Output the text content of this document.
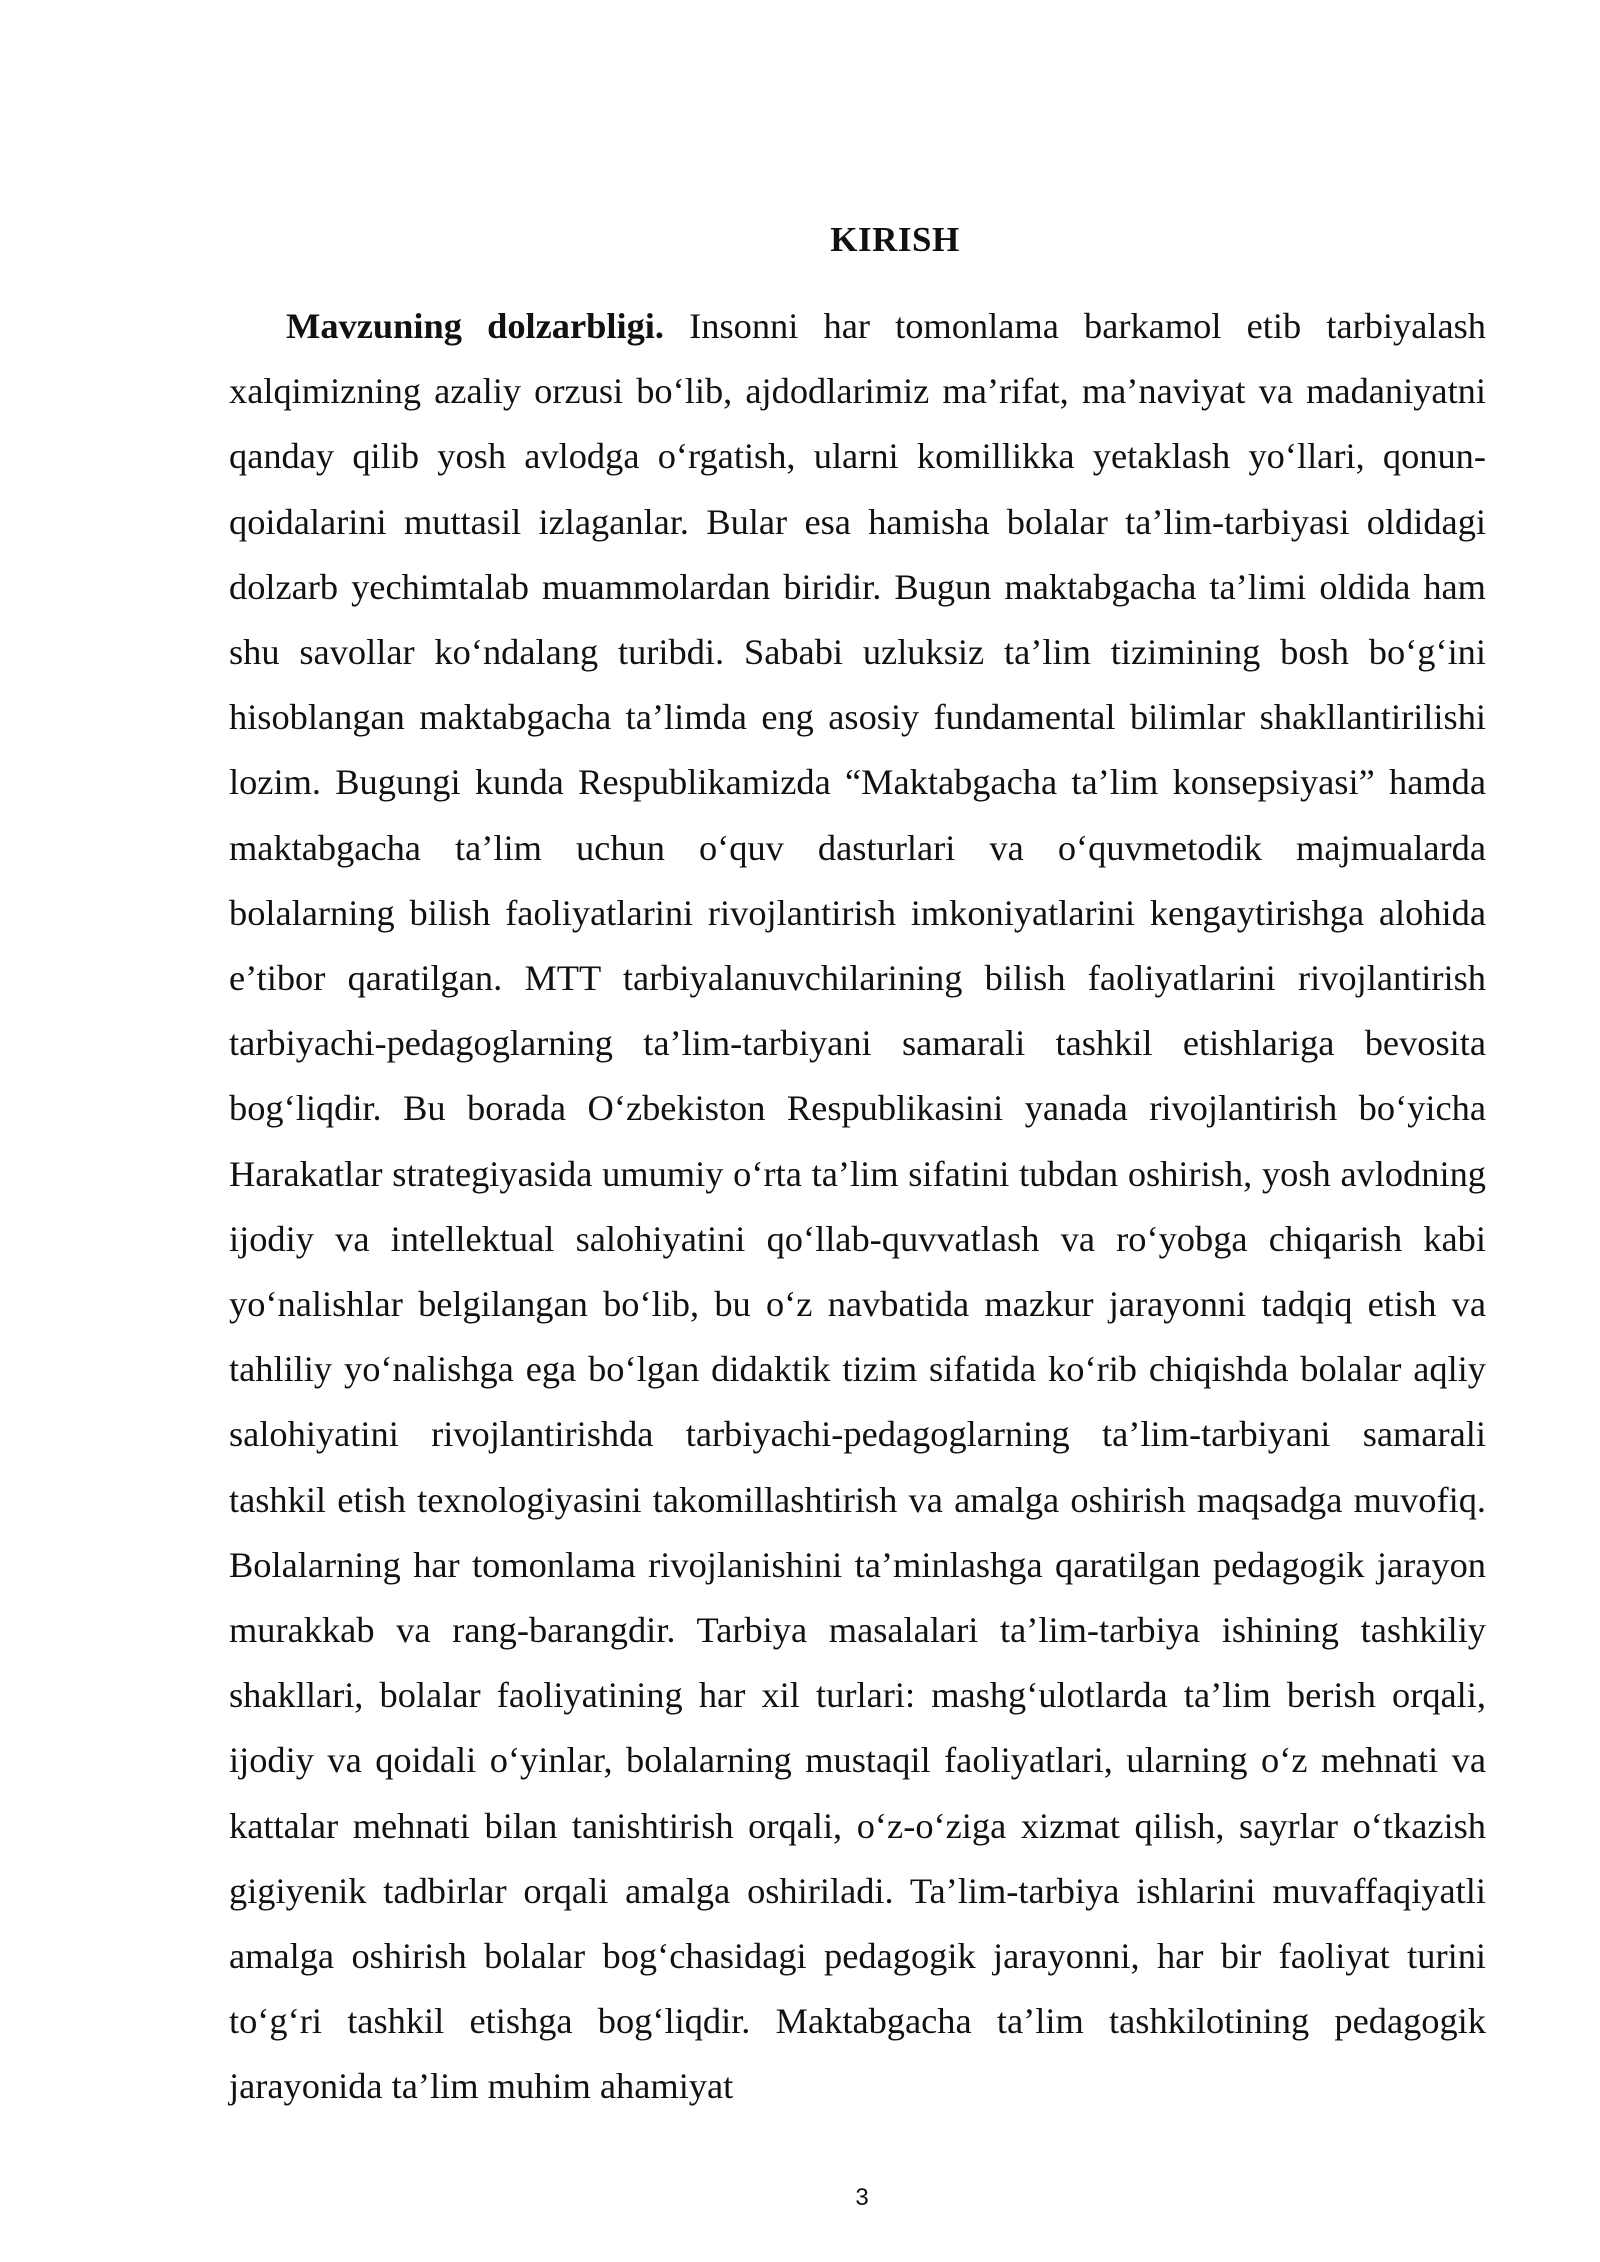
KIRISH

Mavzuning dolzarbligi. Insonni har tomonlama barkamol etib tarbiyalash xalqimizning azaliy orzusi bo‘lib, ajdodlarimiz ma’rifat, ma’naviyat va madaniyatni qanday qilib yosh avlodga o‘rgatish, ularni komillikka yetaklash yo‘llari, qonun-qoidalarini muttasil izlaganlar. Bular esa hamisha bolalar ta’lim-tarbiyasi oldidagi dolzarb yechimtalab muammolardan biridir. Bugun maktabgacha ta’limi oldida ham shu savollar ko‘ndalang turibdi. Sababi uzluksiz ta’lim tizimining bosh bo‘g‘ini hisoblangan maktabgacha ta’limda eng asosiy fundamental bilimlar shakllantirilishi lozim. Bugungi kunda Respublikamizda “Maktabgacha ta’lim konsepsiyasi” hamda maktabgacha ta’lim uchun o‘quv dasturlari va o‘quvmetodik majmualarda bolalarning bilish faoliyatlarini rivojlantirish imkoniyatlarini kengaytirishga alohida e’tibor qaratilgan. MTT tarbiyalanuvchilarining bilish faoliyatlarini rivojlantirish tarbiyachi-pedagoglarning ta’lim-tarbiyani samarali tashkil etishlariga bevosita bog‘liqdir. Bu borada O‘zbekiston Respublikasini yanada rivojlantirish bo‘yicha Harakatlar strategiyasida umumiy o‘rta ta’lim sifatini tubdan oshirish, yosh avlodning ijodiy va intellektual salohiyatini qo‘llab-quvvatlash va ro‘yobga chiqarish kabi yo‘nalishlar belgilangan bo‘lib, bu o‘z navbatida mazkur jarayonni tadqiq etish va tahliliy yo‘nalishga ega bo‘lgan didaktik tizim sifatida ko‘rib chiqishda bolalar aqliy salohiyatini rivojlantirishda tarbiyachi-pedagoglarning ta’lim-tarbiyani samarali tashkil etish texnologiyasini takomillashtirish va amalga oshirish maqsadga muvofiq. Bolalarning har tomonlama rivojlanishini ta’minlashga qaratilgan pedagogik jarayon murakkab va rang-barangdir. Tarbiya masalalari ta’lim-tarbiya ishining tashkiliy shakllari, bolalar faoliyatining har xil turlari: mashg‘ulotlarda ta’lim berish orqali, ijodiy va qoidali o‘yinlar, bolalarning mustaqil faoliyatlari, ularning o‘z mehnati va kattalar mehnati bilan tanishtirish orqali, o‘z-o‘ziga xizmat qilish, sayrlar o‘tkazish gigiyenik tadbirlar orqali amalga oshiriladi. Ta’lim-tarbiya ishlarini muvaffaqiyatli amalga oshirish bolalar bog‘chasidagi pedagogik jarayonni, har bir faoliyat turini to‘g‘ri tashkil etishga bog‘liqdir. Maktabgacha ta’lim tashkilotining pedagogik jarayonida ta’lim muhim ahamiyat

3
